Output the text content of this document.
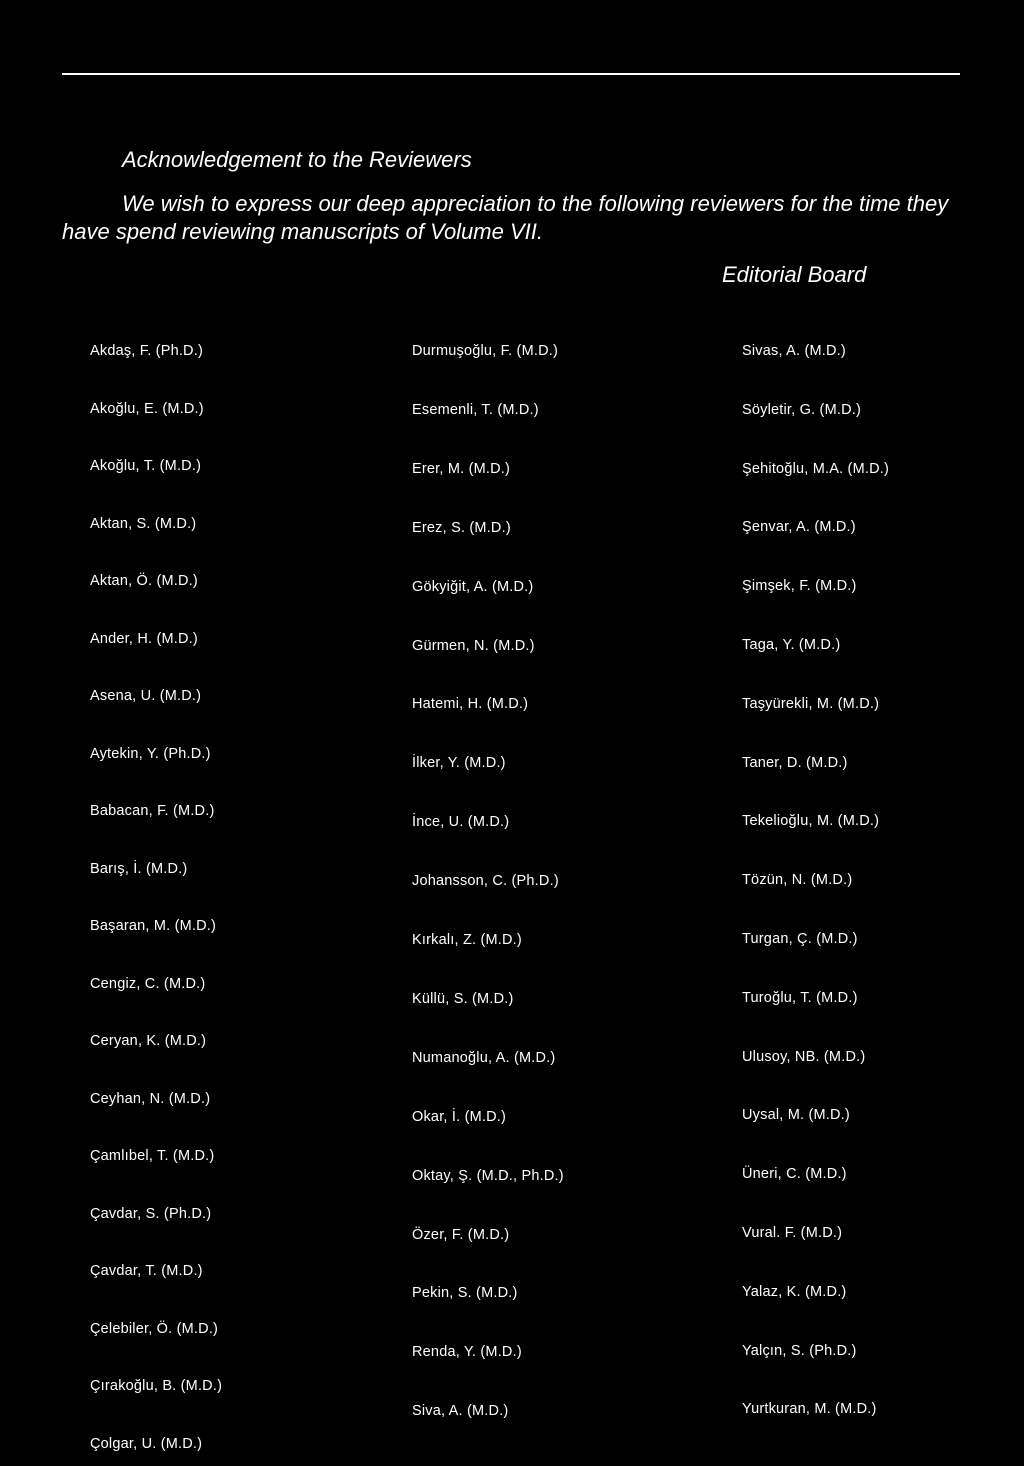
Acknowledgement to the Reviewers
We wish to express our deep appreciation to the following reviewers for the time they have spend reviewing manuscripts of Volume VII.
Editorial Board
Akdaş, F. (Ph.D.)
Akoğlu, E. (M.D.)
Akoğlu, T. (M.D.)
Aktan, S. (M.D.)
Aktan, Ö. (M.D.)
Ander, H. (M.D.)
Asena, U. (M.D.)
Aytekin, Y. (Ph.D.)
Babacan, F. (M.D.)
Barış, İ. (M.D.)
Başaran, M. (M.D.)
Cengiz, C. (M.D.)
Ceryan, K. (M.D.)
Ceyhan, N. (M.D.)
Çamlıbel, T. (M.D.)
Çavdar, S. (Ph.D.)
Çavdar, T. (M.D.)
Çelebiler, Ö. (M.D.)
Çırakoğlu, B. (M.D.)
Çolgar, U. (M.D.)
Durmuşoğlu, F. (M.D.)
Esemenli, T. (M.D.)
Erer, M. (M.D.)
Erez, S. (M.D.)
Gökyiğit, A. (M.D.)
Gürmen, N. (M.D.)
Hatemi, H. (M.D.)
İlker, Y. (M.D.)
İnce, U. (M.D.)
Johansson, C. (Ph.D.)
Kırkalı, Z. (M.D.)
Küllü, S. (M.D.)
Numanoğlu, A. (M.D.)
Okar, İ. (M.D.)
Oktay, Ş. (M.D., Ph.D.)
Özer, F. (M.D.)
Pekin, S. (M.D.)
Renda, Y. (M.D.)
Siva, A. (M.D.)
Sivas, A. (M.D.)
Söyletir, G. (M.D.)
Şehitoğlu, M.A. (M.D.)
Şenvar, A. (M.D.)
Şimşek, F. (M.D.)
Taga, Y. (M.D.)
Taşyürekli, M. (M.D.)
Taner, D. (M.D.)
Tekelioğlu, M. (M.D.)
Tözün, N. (M.D.)
Turgan, Ç. (M.D.)
Turoğlu, T. (M.D.)
Ulusoy, NB. (M.D.)
Uysal, M. (M.D.)
Üneri, C. (M.D.)
Vural. F. (M.D.)
Yalaz, K. (M.D.)
Yalçın, S. (Ph.D.)
Yurtkuran, M. (M.D.)
